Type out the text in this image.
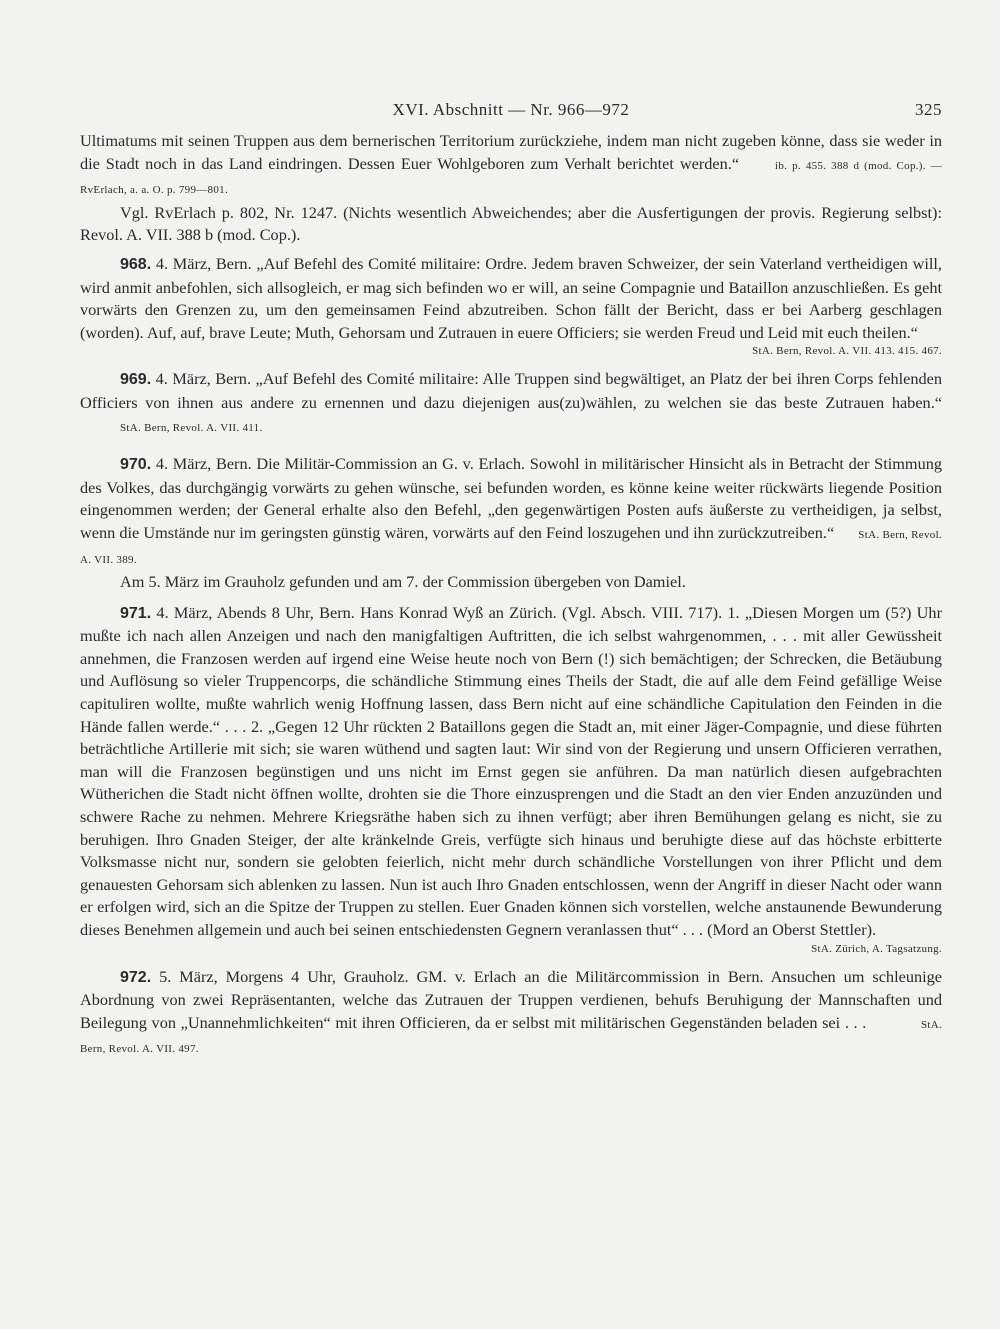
XVI. Abschnitt — Nr. 966—972	325

Ultimatums mit seinen Truppen aus dem bernerischen Territorium zurückziehe, indem man nicht zugeben könne, dass sie weder in die Stadt noch in das Land eindringen. Dessen Euer Wohlgeboren zum Verhalt berichtet werden.“	ib. p. 455. 388 d (mod. Cop.). — RvErlach, a. a. O. p. 799—801.

Vgl. RvErlach p. 802, Nr. 1247. (Nichts wesentlich Abweichendes; aber die Ausfertigungen der provis. Regierung selbst): Revol. A. VII. 388 b (mod. Cop.).

968. 4. März, Bern. „Auf Befehl des Comité militaire: Ordre. Jedem braven Schweizer, der sein Vaterland vertheidigen will, wird anmit anbefohlen, sich allsogleich, er mag sich befinden wo er will, an seine Compagnie und Bataillon anzuschließen. Es geht vorwärts den Grenzen zu, um den gemeinsamen Feind abzutreiben. Schon fällt der Bericht, dass er bei Aarberg geschlagen (worden). Auf, auf, brave Leute; Muth, Gehorsam und Zutrauen in euere Officiers; sie werden Freud und Leid mit euch theilen.“

StA. Bern, Revol. A. VII. 413. 415. 467.

969. 4. März, Bern. „Auf Befehl des Comité militaire: Alle Truppen sind begwältiget, an Platz der bei ihren Corps fehlenden Officiers von ihnen aus andere zu ernennen und dazu diejenigen aus(zu)wählen, zu welchen sie das beste Zutrauen haben.“ StA. Bern, Revol. A. VII. 411.

970. 4. März, Bern. Die Militär-Commission an G. v. Erlach. Sowohl in militärischer Hinsicht als in Betracht der Stimmung des Volkes, das durchgängig vorwärts zu gehen wünsche, sei befunden worden, es könne keine weiter rückwärts liegende Position eingenommen werden; der General erhalte also den Befehl, „den gegenwärtigen Posten aufs äußerste zu vertheidigen, ja selbst, wenn die Umstände nur im geringsten günstig wären, vorwärts auf den Feind loszugehen und ihn zurückzutreiben.“ StA. Bern, Revol. A. VII. 389.

Am 5. März im Grauholz gefunden und am 7. der Commission übergeben von Damiel.

971. 4. März, Abends 8 Uhr, Bern. Hans Konrad Wyß an Zürich. (Vgl. Absch. VIII. 717). 1. „Diesen Morgen um (5?) Uhr mußte ich nach allen Anzeigen und nach den manigfaltigen Auftritten, die ich selbst wahrgenommen, . . . mit aller Gewüssheit annehmen, die Franzosen werden auf irgend eine Weise heute noch von Bern (!) sich bemächtigen; der Schrecken, die Betäubung und Auflösung so vieler Truppencorps, die schändliche Stimmung eines Theils der Stadt, die auf alle dem Feind gefällige Weise capituliren wollte, mußte wahrlich wenig Hoffnung lassen, dass Bern nicht auf eine schändliche Capitulation den Feinden in die Hände fallen werde.“ . . . 2. „Gegen 12 Uhr rückten 2 Bataillons gegen die Stadt an, mit einer Jäger-Compagnie, und diese führten beträchtliche Artillerie mit sich; sie waren wüthend und sagten laut: Wir sind von der Regierung und unsern Officieren verrathen, man will die Franzosen begünstigen und uns nicht im Ernst gegen sie anführen. Da man natürlich diesen aufgebrachten Wütherichen die Stadt nicht öffnen wollte, drohten sie die Thore einzusprengen und die Stadt an den vier Enden anzuzünden und schwere Rache zu nehmen. Mehrere Kriegsräthe haben sich zu ihnen verfügt; aber ihren Bemühungen gelang es nicht, sie zu beruhigen. Ihro Gnaden Steiger, der alte kränkelnde Greis, verfügte sich hinaus und beruhigte diese auf das höchste erbitterte Volksmasse nicht nur, sondern sie gelobten feierlich, nicht mehr durch schändliche Vorstellungen von ihrer Pflicht und dem genauesten Gehorsam sich ablenken zu lassen. Nun ist auch Ihro Gnaden entschlossen, wenn der Angriff in dieser Nacht oder wann er erfolgen wird, sich an die Spitze der Truppen zu stellen. Euer Gnaden können sich vorstellen, welche anstaunende Bewunderung dieses Benehmen allgemein und auch bei seinen entschiedensten Gegnern veranlassen thut“ . . . (Mord an Oberst Stettler).

StA. Zürich, A. Tagsatzung.

972. 5. März, Morgens 4 Uhr, Grauholz. GM. v. Erlach an die Militärcommission in Bern. Ansuchen um schleunige Abordnung von zwei Repräsentanten, welche das Zutrauen der Truppen verdienen, behufs Beruhigung der Mannschaften und Beilegung von „Unannehmlichkeiten“ mit ihren Officieren, da er selbst mit militärischen Gegenständen beladen sei . . .	StA. Bern, Revol. A. VII. 497.
